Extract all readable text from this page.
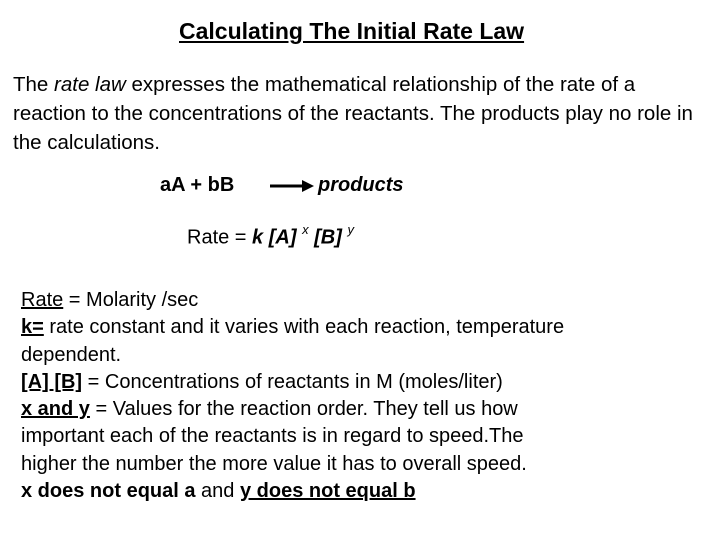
Calculating The Initial Rate Law
The rate law expresses the mathematical relationship of the rate of a reaction to the concentrations of the reactants. The products play no role in the calculations.
aA + bB → products
Rate = k [A] $^x$ [B] $^y$
Rate = Molarity /sec
k= rate constant and it varies with each reaction, temperature
dependent.
[A] [B] = Concentrations of reactants in M (moles/liter)
x and y = Values for the reaction order. They tell us how
important each of the reactants is in regard to speed.The
higher the number the more value it has to overall speed.
x does not equal a and y does not equal b
